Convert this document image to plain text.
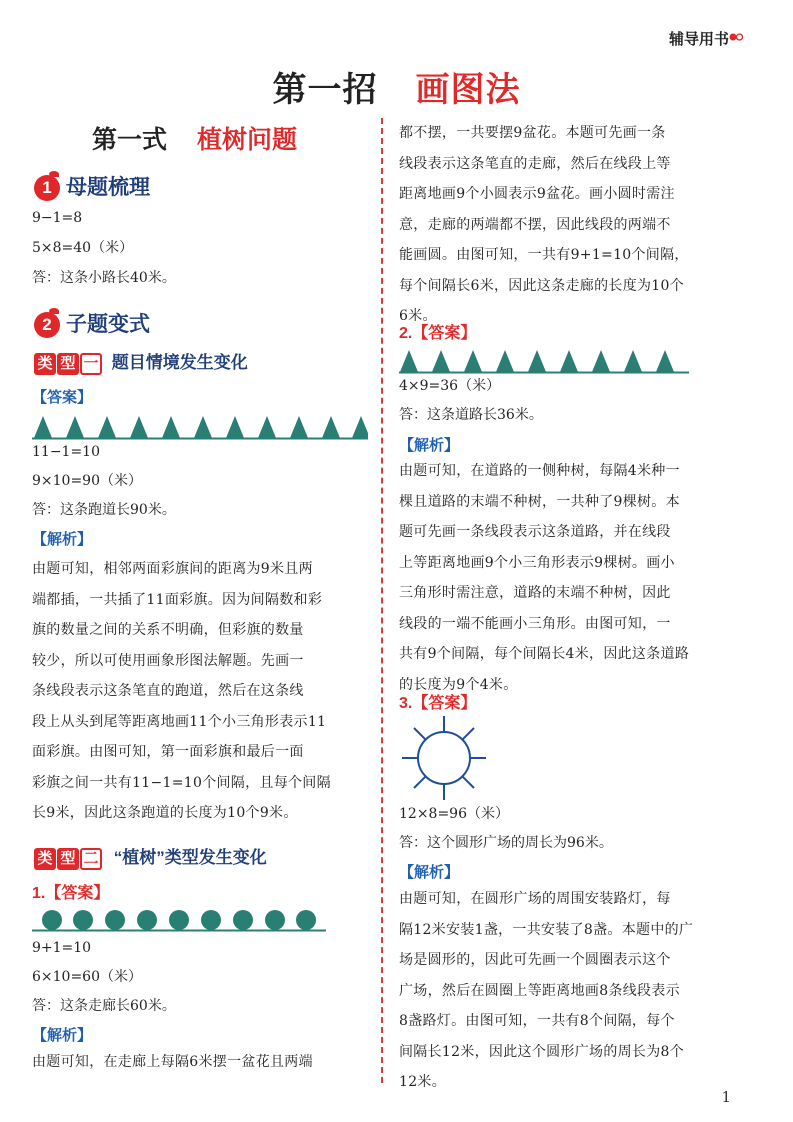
辅导用书
第一招 画图法
第一式 植树问题
1 母题梳理
9−1=8
5×8=40（米）
答：这条小路长40米。
2 子题变式
类 型 一 题目情境发生变化
【答案】
11−1=10
9×10=90（米）
答：这条跑道长90米。
【解析】
由题可知，相邻两面彩旗间的距离为9米且两
端都插，一共插了11面彩旗。因为间隔数和彩
旗的数量之间的关系不明确，但彩旗的数量
较少，所以可使用画象形图法解题。先画一
条线段表示这条笔直的跑道，然后在这条线
段上从头到尾等距离地画11个小三角形表示11
面彩旗。由图可知，第一面彩旗和最后一面
彩旗之间一共有11−1=10个间隔，且每个间隔
长9米，因此这条跑道的长度为10个9米。
类 型 二 “植树”类型发生变化
1.【答案】
9+1=10
6×10=60（米）
答：这条走廊长60米。
【解析】
由题可知，在走廊上每隔6米摆一盆花且两端
都不摆，一共要摆9盆花。本题可先画一条
线段表示这条笔直的走廊，然后在线段上等
距离地画9个小圆表示9盆花。画小圆时需注
意，走廊的两端都不摆，因此线段的两端不
能画圆。由图可知，一共有9+1=10个间隔，
每个间隔长6米，因此这条走廊的长度为10个
6米。
2.【答案】
4×9=36（米）
答：这条道路长36米。
【解析】
由题可知，在道路的一侧种树，每隔4米种一
棵且道路的末端不种树，一共种了9棵树。本
题可先画一条线段表示这条道路，并在线段
上等距离地画9个小三角形表示9棵树。画小
三角形时需注意，道路的末端不种树，因此
线段的一端不能画小三角形。由图可知，一
共有9个间隔，每个间隔长4米，因此这条道路
的长度为9个4米。
3.【答案】
12×8=96（米）
答：这个圆形广场的周长为96米。
【解析】
由题可知，在圆形广场的周围安装路灯，每
隔12米安装1盏，一共安装了8盏。本题中的广
场是圆形的，因此可先画一个圆圈表示这个
广场，然后在圆圈上等距离地画8条线段表示
8盏路灯。由图可知，一共有8个间隔，每个
间隔长12米，因此这个圆形广场的周长为8个
12米。
1
